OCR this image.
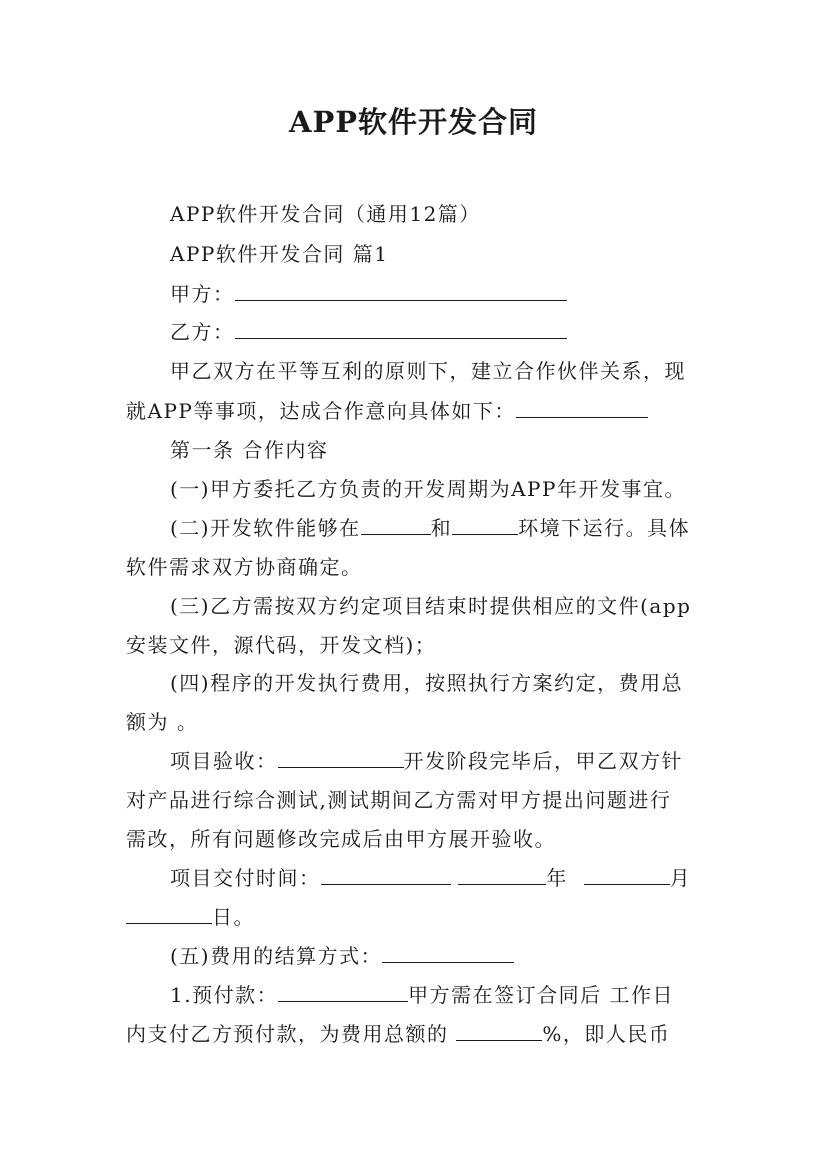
APP软件开发合同
APP软件开发合同（通用12篇）
APP软件开发合同 篇1
甲方：
乙方：
甲乙双方在平等互利的原则下，建立合作伙伴关系，现
就APP等事项，达成合作意向具体如下：
第一条 合作内容
(一)甲方委托乙方负责的开发周期为APP年开发事宜。
(二)开发软件能够在	和	环境下运行。具体
软件需求双方协商确定。
(三)乙方需按双方约定项目结束时提供相应的文件(app
安装文件，源代码，开发文档)；
(四)程序的开发执行费用，按照执行方案约定，费用总
额为 。
项目验收：	开发阶段完毕后，甲乙双方针
对产品进行综合测试,测试期间乙方需对甲方提出问题进行
需改，所有问题修改完成后由甲方展开验收。
项目交付时间：	年	月
日。
(五)费用的结算方式：
1.预付款：	甲方需在签订合同后 工作日
内支付乙方预付款，为费用总额的	%，即人民币
